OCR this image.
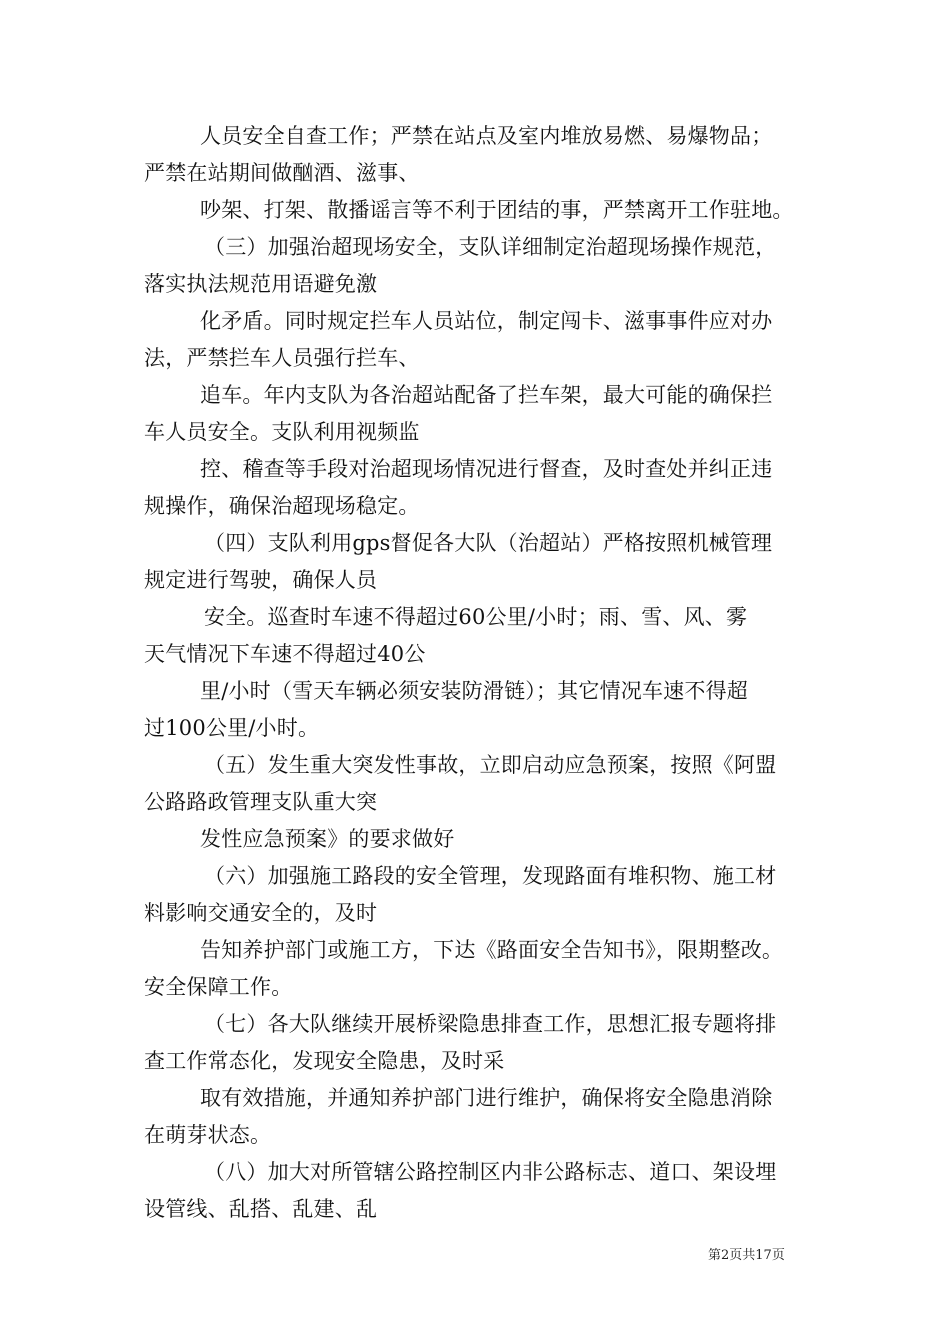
人员安全自查工作；严禁在站点及室内堆放易燃、易爆物品；
严禁在站期间做酗酒、滋事、
吵架、打架、散播谣言等不利于团结的事，严禁离开工作驻地。
（三）加强治超现场安全，支队详细制定治超现场操作规范，
落实执法规范用语避免激
化矛盾。同时规定拦车人员站位，制定闯卡、滋事事件应对办
法，严禁拦车人员强行拦车、
追车。年内支队为各治超站配备了拦车架，最大可能的确保拦
车人员安全。支队利用视频监
控、稽查等手段对治超现场情况进行督查，及时查处并纠正违
规操作，确保治超现场稳定。
（四）支队利用gps督促各大队（治超站）严格按照机械管理
规定进行驾驶，确保人员
安全。巡查时车速不得超过60公里/小时；雨、雪、风、雾
天气情况下车速不得超过40公
里/小时（雪天车辆必须安装防滑链）；其它情况车速不得超
过100公里/小时。
（五）发生重大突发性事故，立即启动应急预案，按照《阿盟
公路路政管理支队重大突
发性应急预案》的要求做好
（六）加强施工路段的安全管理，发现路面有堆积物、施工材
料影响交通安全的，及时
告知养护部门或施工方，下达《路面安全告知书》，限期整改。
安全保障工作。
（七）各大队继续开展桥梁隐患排查工作，思想汇报专题将排
查工作常态化，发现安全隐患，及时采
取有效措施，并通知养护部门进行维护，确保将安全隐患消除
在萌芽状态。
（八）加大对所管辖公路控制区内非公路标志、道口、架设埋
设管线、乱搭、乱建、乱
第2页共17页
